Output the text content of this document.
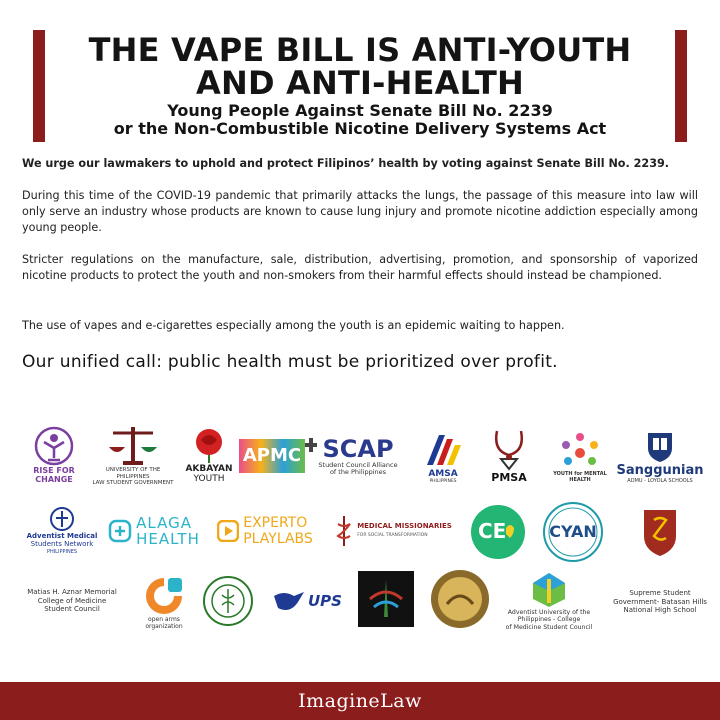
THE VAPE BILL IS ANTI-YOUTH
AND ANTI-HEALTH
Young People Against Senate Bill No. 2239
or the Non-Combustible Nicotine Delivery Systems Act
We urge our lawmakers to uphold and protect Filipinos’ health by voting against Senate Bill No. 2239.
During this time of the COVID-19 pandemic that primarily attacks the lungs, the passage of this measure into law will only serve an industry whose products are known to cause lung injury and promote nicotine addiction especially among young people.
Stricter regulations on the manufacture, sale, distribution, advertising, promotion, and sponsorship of vaporized nicotine products to protect the youth and non-smokers from their harmful effects should instead be championed.
The use of vapes and e-cigarettes especially among the youth is an epidemic waiting to happen.
Our unified call: public health must be prioritized over profit.
RISE FOR
CHANGE
UNIVERSITY OF THE PHILIPPINES
LAW STUDENT GOVERNMENT
AKBAYAN
YOUTH
APMC SCAP
Student Council Alliance
of the Philippines	AMSA
PHILIPPINES	PMSA	YOUTH for MENTAL HEALTH
Sanggunian
ADMU - LOYOLA SCHOOLS
Adventist Medical
Students Network
PHILIPPINES
ALAGA
HEALTH
EXPERTO
PLAYLABS
MEDICAL MISSIONARIES
FOR SOCIAL TRANSFORMATION	CE	CYAN
Matias H. Aznar Memorial
College of Medicine
Student Council
open arms
organization
UPS
Adventist University of the
Philippines - College
of Medicine Student Council
Supreme Student
Government- Batasan Hills
National High School
ImagineLaw
